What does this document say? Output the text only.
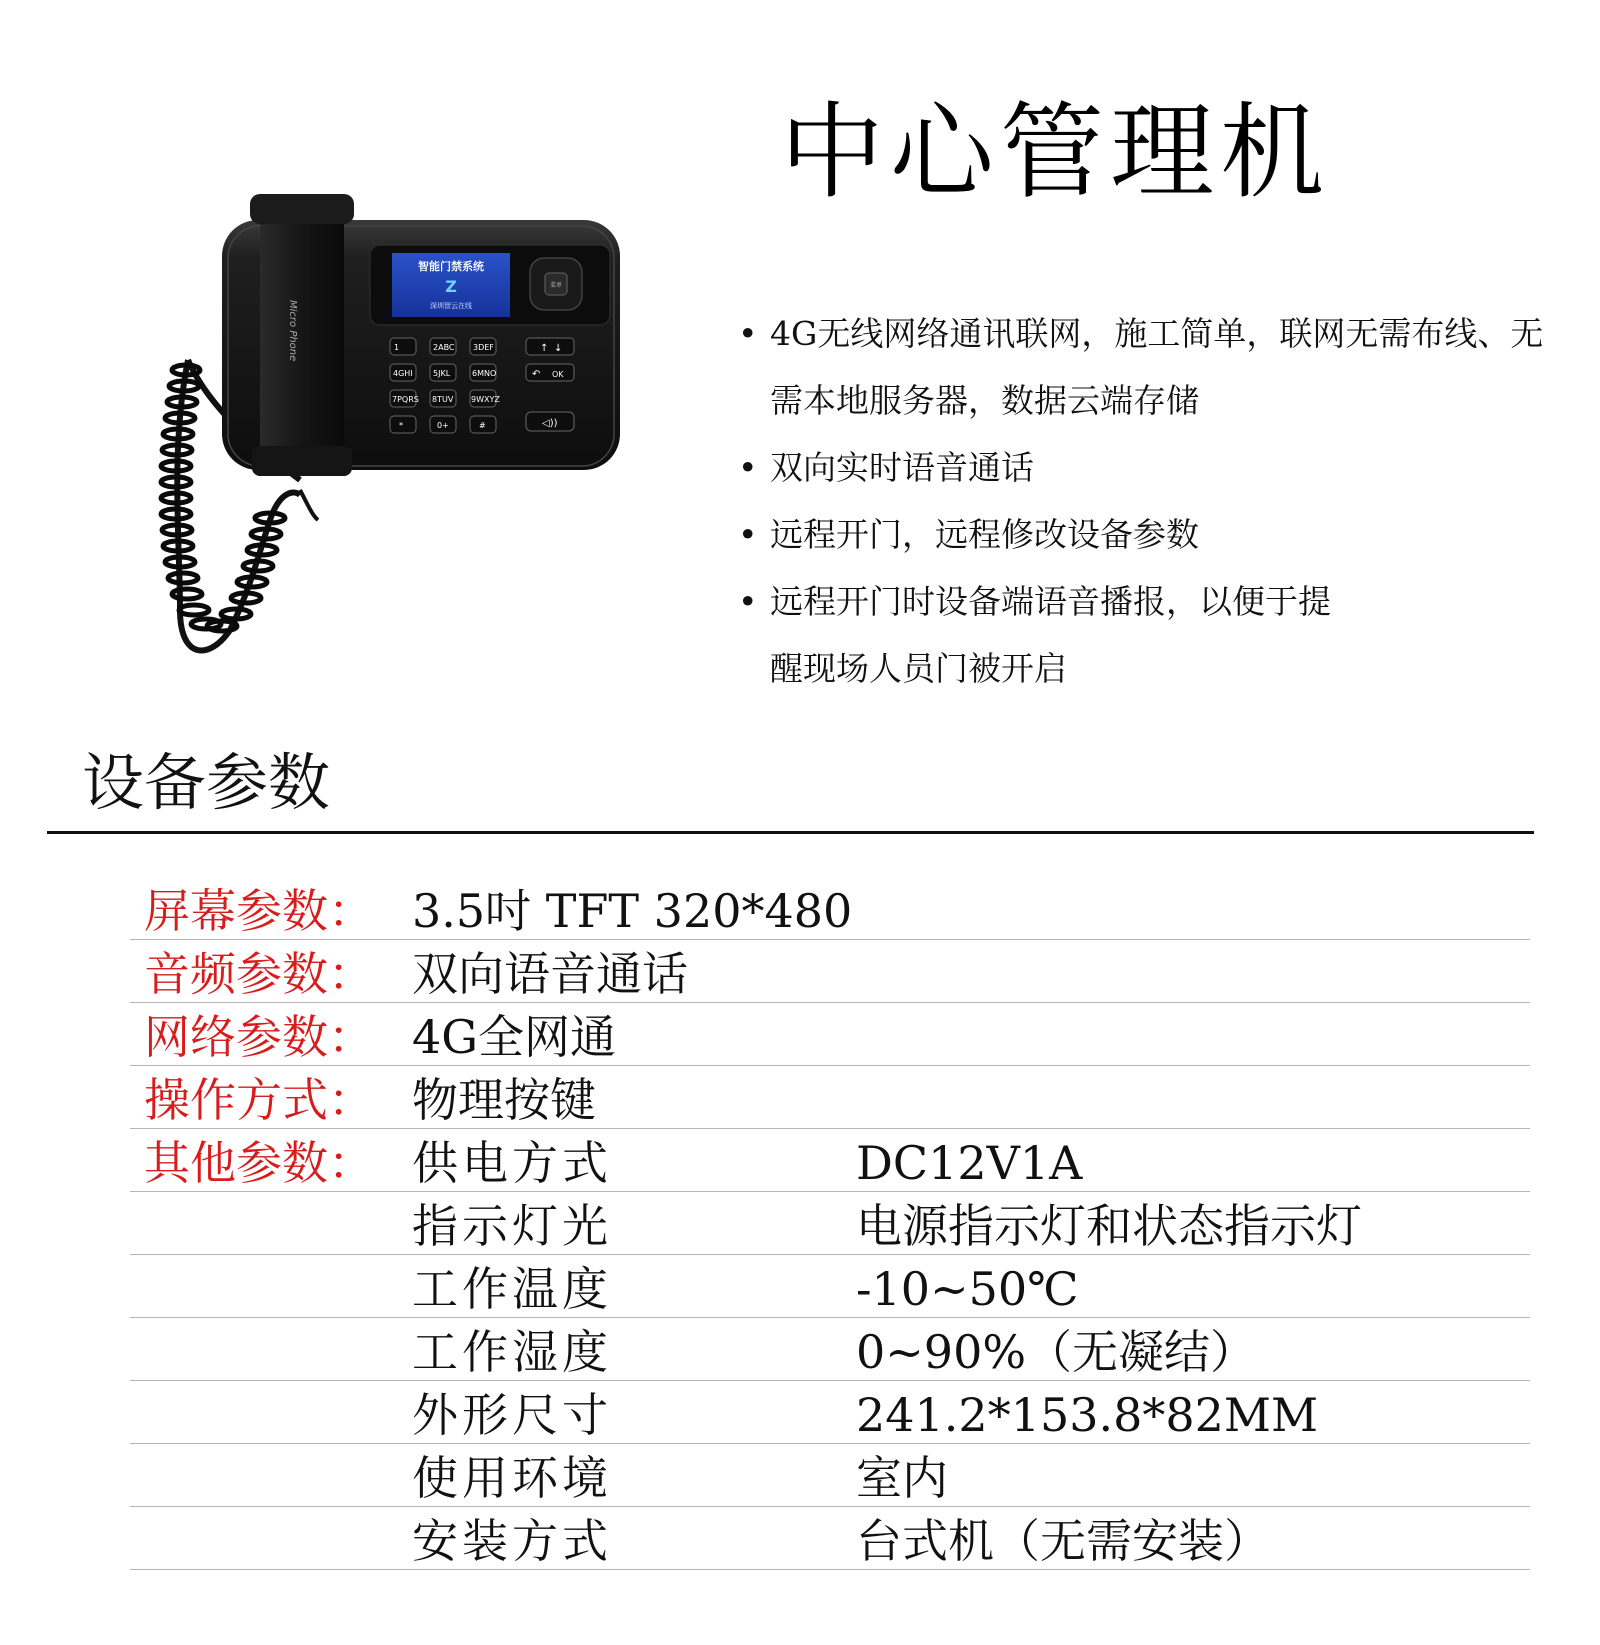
智能门禁系统
Z
深圳智云在线
菜单
1	2ABC 3DEF
4GHI	5JKL	6MNO
7PQRS 8TUV 9WXYZ
*	0+	#
↑ ↓
↶ OK
◁))
Micro Phone
中心管理机
• 4G无线网络通讯联网，施工简单，联网无需布线、无需本地服务器，数据云端存储
• 双向实时语音通话
• 远程开门，远程修改设备参数
• 远程开门时设备端语音播报，以便于提醒现场人员门被开启
设备参数
屏幕参数： 3.5吋 TFT 320*480
音频参数： 双向语音通话
网络参数： 4G全网通
操作方式： 物理按键
其他参数： 供电方式	DC12V1A
指示灯光	电源指示灯和状态指示灯
工作温度	-10~50℃
工作湿度	0~90%（无凝结）
外形尺寸	241.2*153.8*82MM
使用环境	室内
安装方式	台式机（无需安装）
